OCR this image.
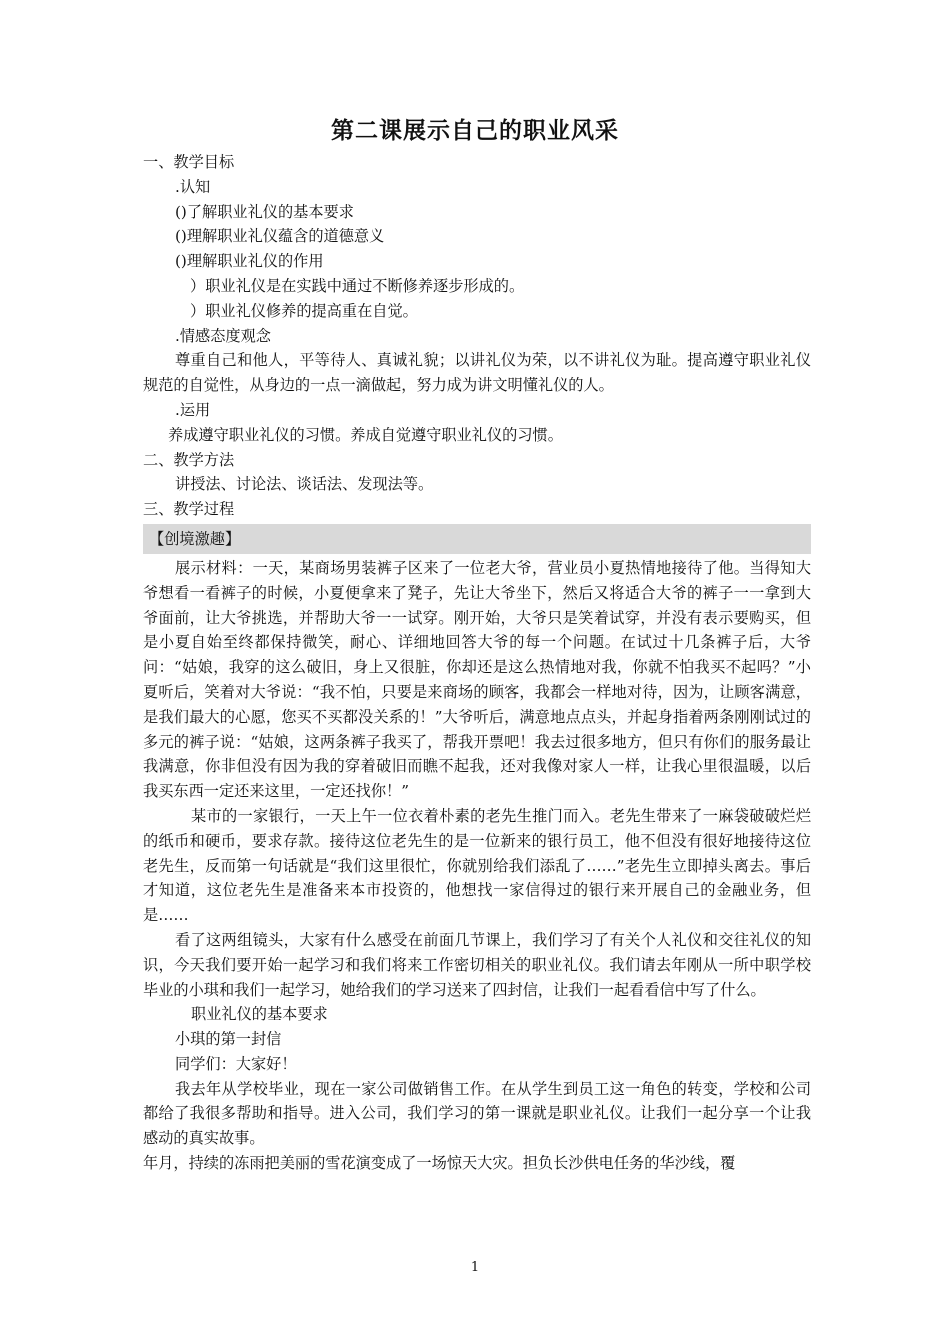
第二课展示自己的职业风采

一、教学目标

.认知

()了解职业礼仪的基本要求

()理解职业礼仪蕴含的道德意义

()理解职业礼仪的作用

）职业礼仪是在实践中通过不断修养逐步形成的。

）职业礼仪修养的提高重在自觉。

.情感态度观念

尊重自己和他人，平等待人、真诚礼貌；以讲礼仪为荣，以不讲礼仪为耻。提高遵守职业礼仪规范的自觉性，从身边的一点一滴做起，努力成为讲文明懂礼仪的人。

.运用

养成遵守职业礼仪的习惯。养成自觉遵守职业礼仪的习惯。

二、教学方法

讲授法、讨论法、谈话法、发现法等。

三、教学过程

【创境激趣】

展示材料：一天，某商场男装裤子区来了一位老大爷，营业员小夏热情地接待了他。当得知大爷想看一看裤子的时候，小夏便拿来了凳子，先让大爷坐下，然后又将适合大爷的裤子一一拿到大爷面前，让大爷挑选，并帮助大爷一一试穿。刚开始，大爷只是笑着试穿，并没有表示要购买，但是小夏自始至终都保持微笑，耐心、详细地回答大爷的每一个问题。在试过十几条裤子后，大爷问：“姑娘，我穿的这么破旧，身上又很脏，你却还是这么热情地对我，你就不怕我买不起吗？”小夏听后，笑着对大爷说：“我不怕，只要是来商场的顾客，我都会一样地对待，因为，让顾客满意，是我们最大的心愿，您买不买都没关系的！”大爷听后，满意地点点头，并起身指着两条刚刚试过的多元的裤子说：“姑娘，这两条裤子我买了，帮我开票吧！我去过很多地方，但只有你们的服务最让我满意，你非但没有因为我的穿着破旧而瞧不起我，还对我像对家人一样，让我心里很温暖，以后我买东西一定还来这里，一定还找你！”

某市的一家银行，一天上午一位衣着朴素的老先生推门而入。老先生带来了一麻袋破破烂烂的纸币和硬币，要求存款。接待这位老先生的是一位新来的银行员工，他不但没有很好地接待这位老先生，反而第一句话就是“我们这里很忙，你就别给我们添乱了……”老先生立即掉头离去。事后才知道，这位老先生是准备来本市投资的，他想找一家信得过的银行来开展自己的金融业务，但是……

看了这两组镜头，大家有什么感受在前面几节课上，我们学习了有关个人礼仪和交往礼仪的知识，今天我们要开始一起学习和我们将来工作密切相关的职业礼仪。我们请去年刚从一所中职学校毕业的小琪和我们一起学习，她给我们的学习送来了四封信，让我们一起看看信中写了什么。

职业礼仪的基本要求

小琪的第一封信

同学们：大家好！

我去年从学校毕业，现在一家公司做销售工作。在从学生到员工这一角色的转变，学校和公司都给了我很多帮助和指导。进入公司，我们学习的第一课就是职业礼仪。让我们一起分享一个让我感动的真实故事。

年月，持续的冻雨把美丽的雪花演变成了一场惊天大灾。担负长沙供电任务的华沙线，覆

1
